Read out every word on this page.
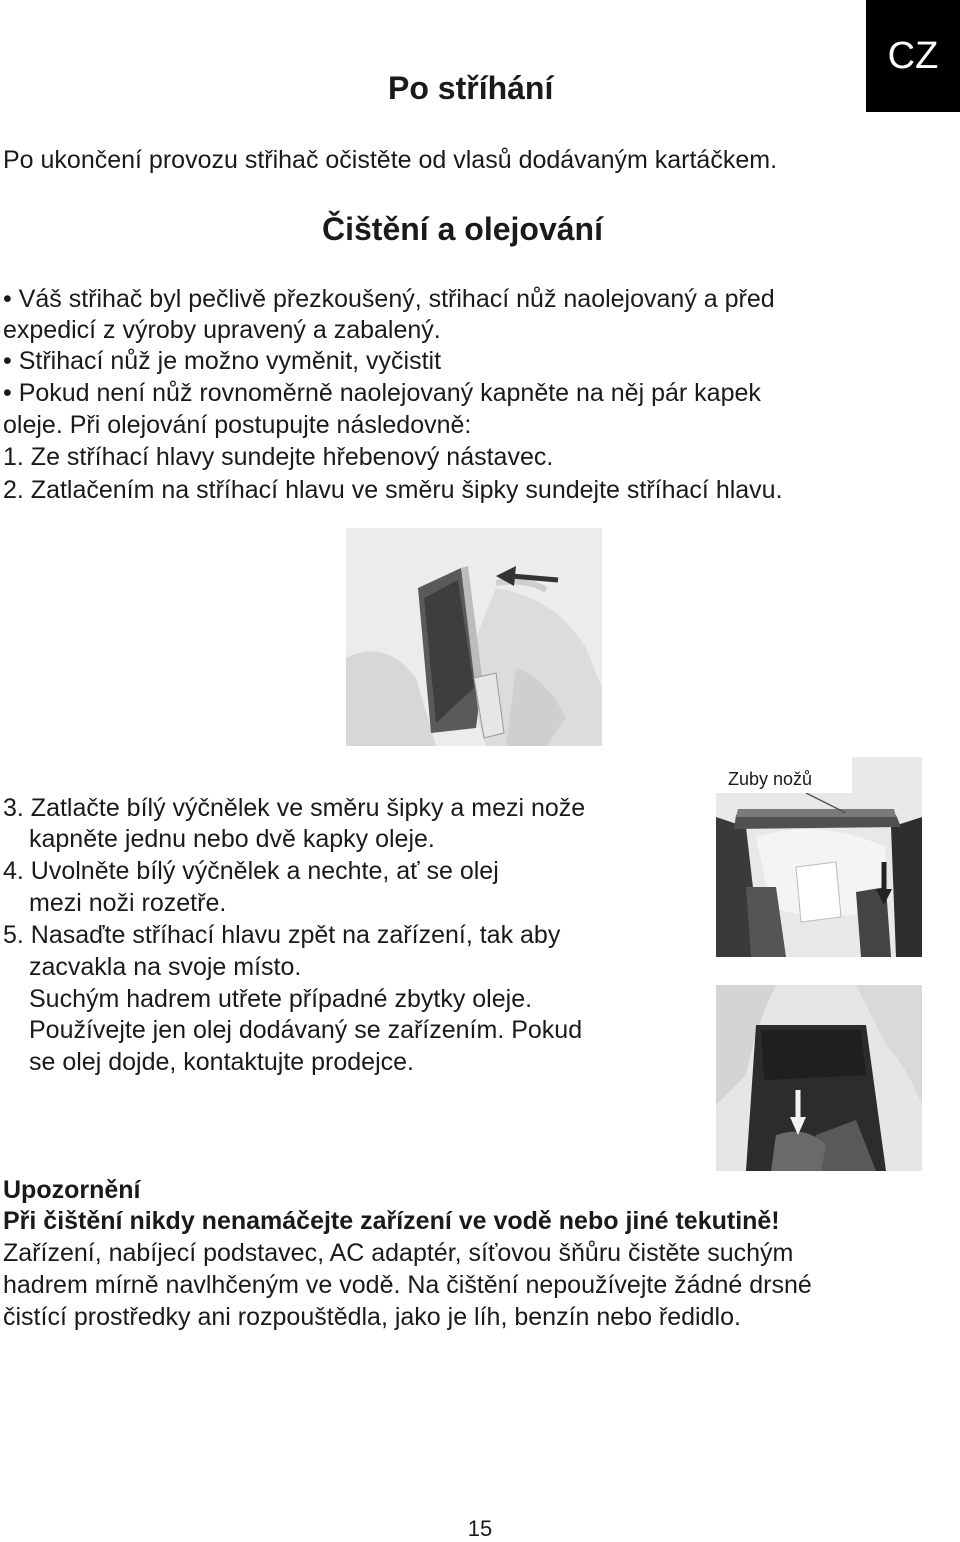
CZ
Po stříhání
Po ukončení provozu střihač očistěte od vlasů dodávaným kartáčkem.
Čištění a olejování
• Váš střihač byl pečlivě přezkoušený, střihací nůž naolejovaný a před
expedicí z výroby upravený a zabalený.
• Střihací nůž je možno vyměnit, vyčistit
• Pokud není nůž rovnoměrně naolejovaný kapněte na něj pár kapek
oleje. Při olejování postupujte následovně:
1. Ze stříhací hlavy sundejte hřebenový nástavec.
2. Zatlačením na stříhací hlavu ve směru šipky sundejte stříhací hlavu.
3. Zatlačte bílý výčnělek ve směru šipky a mezi nože
kapněte jednu nebo dvě kapky oleje.
4. Uvolněte bílý výčnělek a nechte, ať se olej
mezi noži rozetře.
5. Nasaďte stříhací hlavu zpět na zařízení, tak aby
zacvakla na svoje místo.
Suchým hadrem utřete případné zbytky oleje.
Používejte jen olej dodávaný se zařízením. Pokud
se olej dojde, kontaktujte prodejce.
Zuby nožů
Upozornění
Při čištění nikdy nenamáčejte zařízení ve vodě nebo jiné tekutině!
Zařízení, nabíjecí podstavec, AC adaptér, síťovou šňůru čistěte suchým
hadrem mírně navlhčeným ve vodě. Na čištění nepoužívejte žádné drsné
čistící prostředky ani rozpouštědla, jako je líh, benzín nebo ředidlo.
15
